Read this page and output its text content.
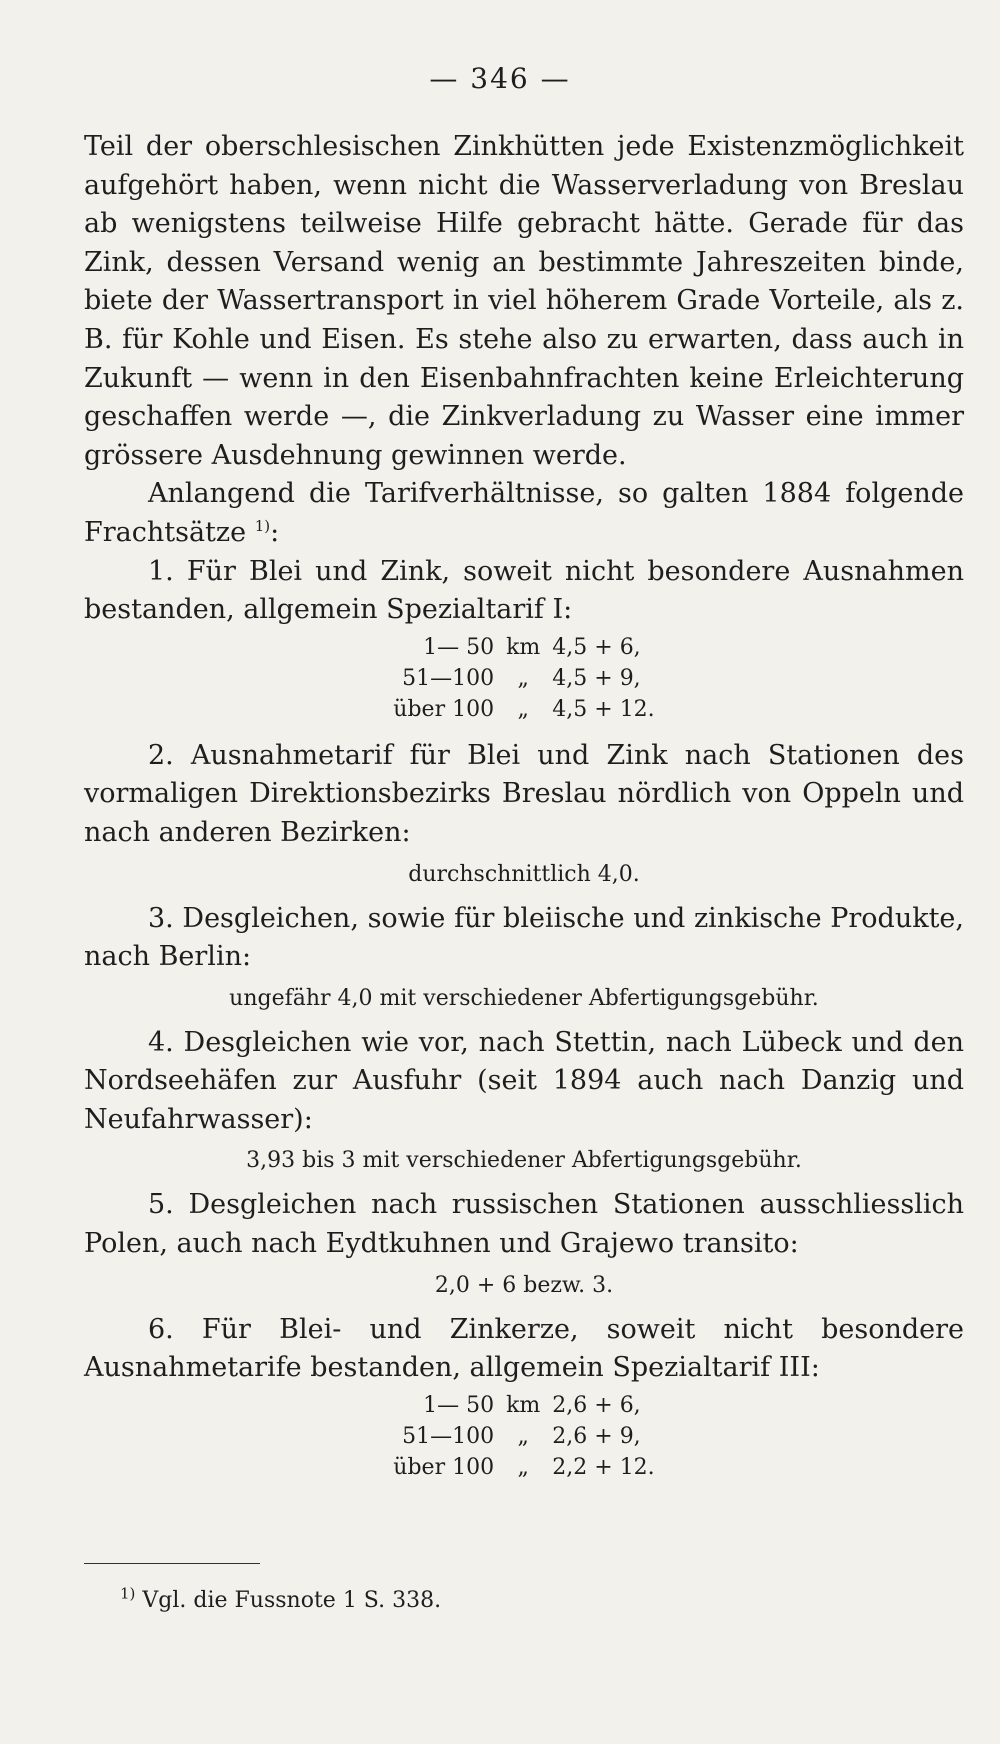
— 346 —

Teil der oberschlesischen Zinkhütten jede Existenzmöglichkeit aufgehört haben, wenn nicht die Wasserverladung von Breslau ab wenigstens teilweise Hilfe gebracht hätte. Gerade für das Zink, dessen Versand wenig an bestimmte Jahreszeiten binde, biete der Wassertransport in viel höherem Grade Vorteile, als z. B. für Kohle und Eisen. Es stehe also zu erwarten, dass auch in Zukunft — wenn in den Eisenbahnfrachten keine Erleichterung geschaffen werde —, die Zinkverladung zu Wasser eine immer grössere Ausdehnung gewinnen werde.

Anlangend die Tarifverhältnisse, so galten 1884 folgende Frachtsätze $^{1)}$:

1. Für Blei und Zink, soweit nicht besondere Ausnahmen bestanden, allgemein Spezialtarif I:

1— 50	km	4,5 + 6,
51—100	„	4,5 + 9,
über 100	„	4,5 + 12.

2. Ausnahmetarif für Blei und Zink nach Stationen des vormaligen Direktionsbezirks Breslau nördlich von Oppeln und nach anderen Bezirken:

durchschnittlich 4,0.

3. Desgleichen, sowie für bleiische und zinkische Produkte, nach Berlin:

ungefähr 4,0 mit verschiedener Abfertigungsgebühr.

4. Desgleichen wie vor, nach Stettin, nach Lübeck und den Nordseehäfen zur Ausfuhr (seit 1894 auch nach Danzig und Neufahrwasser):

3,93 bis 3 mit verschiedener Abfertigungsgebühr.

5. Desgleichen nach russischen Stationen ausschliesslich Polen, auch nach Eydtkuhnen und Grajewo transito:

2,0 + 6 bezw. 3.

6. Für Blei- und Zinkerze, soweit nicht besondere Ausnahmetarife bestanden, allgemein Spezialtarif III:

1— 50	km	2,6 + 6,
51—100	„	2,6 + 9,
über 100	„	2,2 + 12.
$^{1)}$ Vgl. die Fussnote 1 S. 338.
